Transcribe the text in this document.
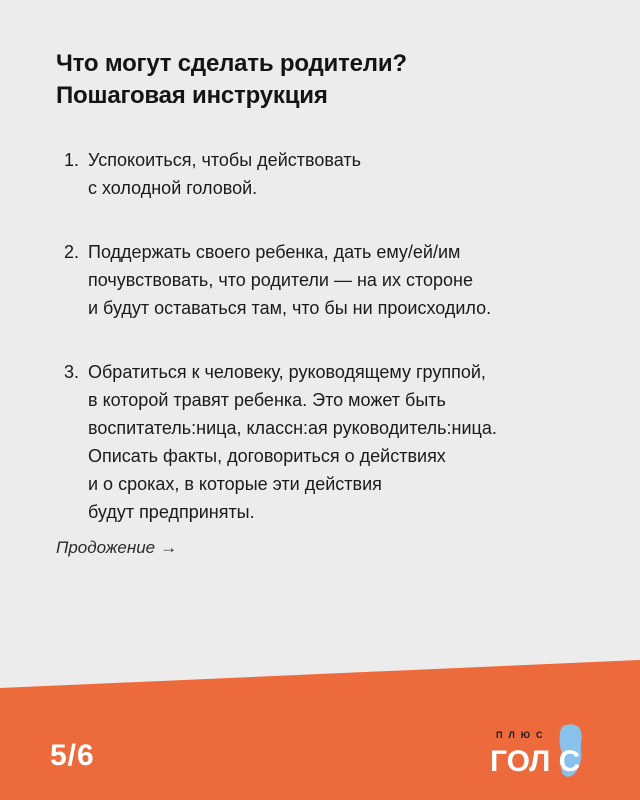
Что могут сделать родители?
Пошаговая инструкция
1. Успокоиться, чтобы действовать
с холодной головой.
2. Поддержать своего ребенка, дать ему/ей/им
почувствовать, что родители — на их стороне
и будут оставаться там, что бы ни происходило.
3. Обратиться к человеку, руководящему группой,
в которой травят ребенка. Это может быть
воспитатель:ница, классн:ая руководитель:ница.
Описать факты, договориться о действиях
и о сроках, в которые эти действия
будут предприняты.
Продожение →
5/6
ПЛЮС
ГОЛ С
